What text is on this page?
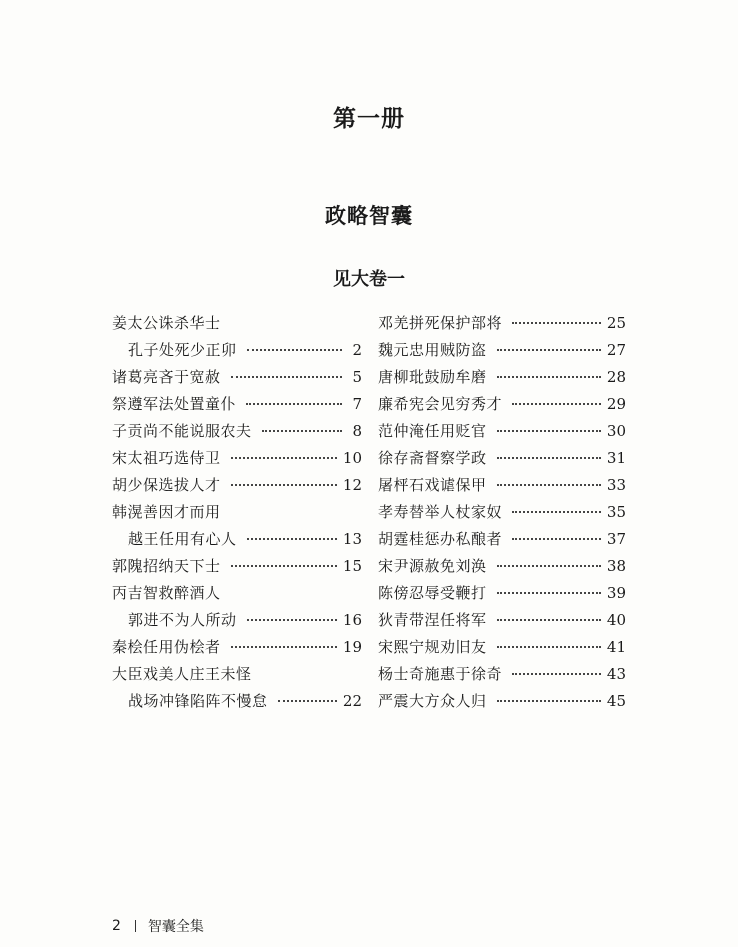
第一册
政略智囊
见大卷一
姜太公诛杀华士
孔子处死少正卯	2
诸葛亮吝于宽赦	5
祭遵军法处置童仆	7
子贡尚不能说服农夫	8
宋太祖巧选侍卫	10
胡少保选拔人才	12
韩滉善因才而用
越王任用有心人	13
郭隗招纳天下士	15
丙吉智救醉酒人
郭进不为人所动	16
秦桧任用伪桧者	19
大臣戏美人庄王未怪
战场冲锋陷阵不慢怠	22
邓羌拼死保护部将	25
魏元忠用贼防盗	27
唐柳玭鼓励牟磨	28
廉希宪会见穷秀才	29
范仲淹任用贬官	30
徐存斋督察学政	31
屠枰石戏谑保甲	33
孝寿替举人杖家奴	35
胡霆桂惩办私酿者	37
宋尹源赦免刘涣	38
陈傍忍辱受鞭打	39
狄青带涅任将军	40
宋熙宁规劝旧友	41
杨士奇施惠于徐奇	43
严震大方众人归	45
2 智囊全集
